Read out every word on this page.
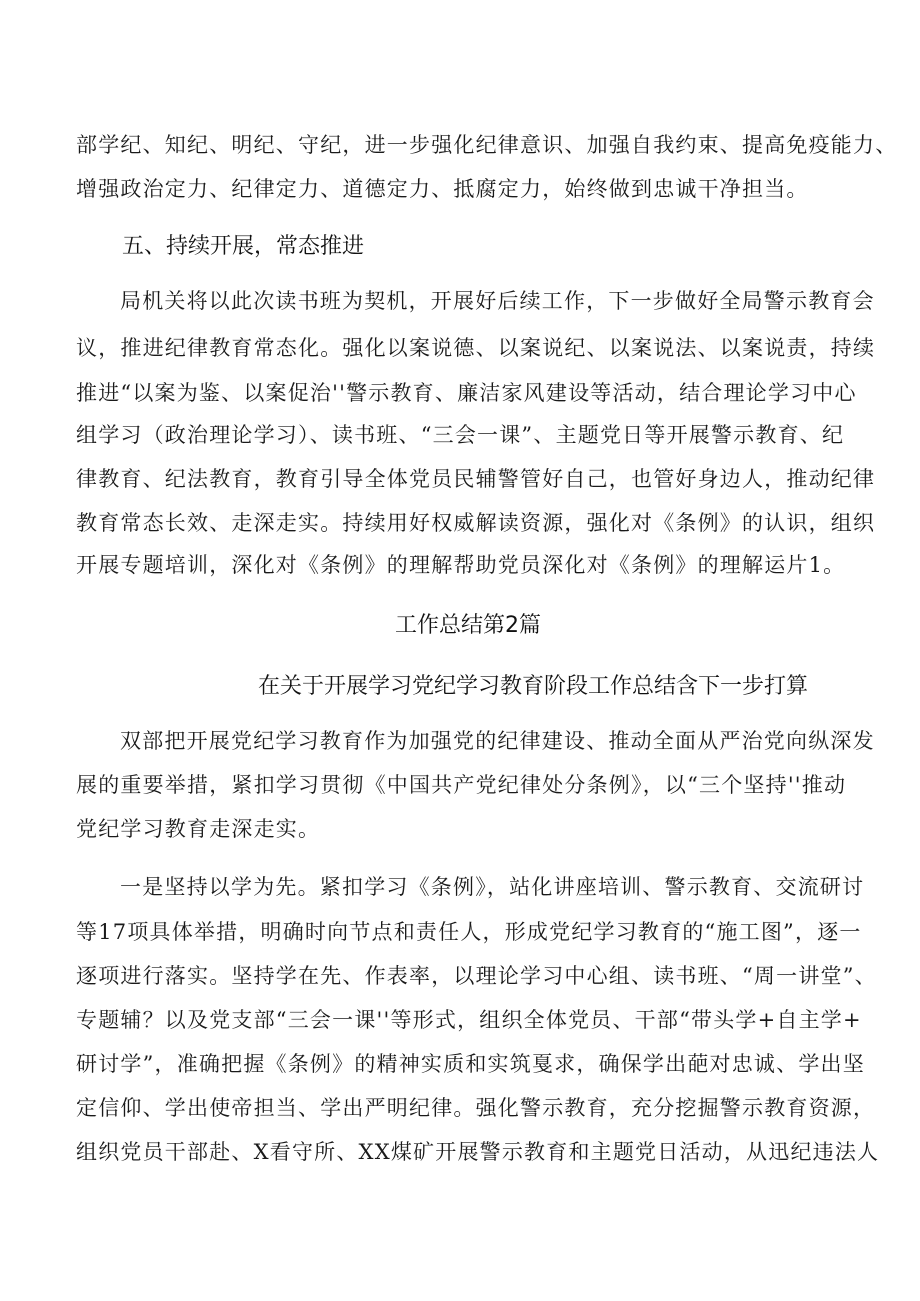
部学纪、知纪、明纪、守纪，进一步强化纪律意识、加强自我约束、提高免疫能力、
增强政治定力、纪律定力、道德定力、抵腐定力，始终做到忠诚干净担当。
五、持续开展，常态推进
局机关将以此次读书班为契机，开展好后续工作，下一步做好全局警示教育会
议，推进纪律教育常态化。强化以案说德、以案说纪、以案说法、以案说责，持续
推进“以案为鉴、以案促治''警示教育、廉洁家风建设等活动，结合理论学习中心
组学习（政治理论学习）、读书班、“三会一课”、主题党日等开展警示教育、纪
律教育、纪法教育，教育引导全体党员民辅警管好自己，也管好身边人，推动纪律
教育常态长效、走深走实。持续用好权威解读资源，强化对《条例》的认识，组织
开展专题培训，深化对《条例》的理解帮助党员深化对《条例》的理解运片1。
工作总结第2篇
在关于开展学习党纪学习教育阶段工作总结含下一步打算
双部把开展党纪学习教育作为加强党的纪律建设、推动全面从严治党向纵深发
展的重要举措，紧扣学习贯彻《中国共产党纪律处分条例》，以“三个坚持''推动
党纪学习教育走深走实。
一是坚持以学为先。紧扣学习《条例》，站化讲座培训、警示教育、交流研讨
等17项具体举措，明确时向节点和责任人，形成党纪学习教育的“施工图”，逐一
逐项进行落实。坚持学在先、作表率，以理论学习中心组、读书班、“周一讲堂”、
专题辅？以及党支部“三会一课''等形式，组织全体党员、干部“带头学+自主学+
研讨学”，准确把握《条例》的精神实质和实筑戛求，确保学出葩对忠诚、学出坚
定信仰、学出使帝担当、学出严明纪律。强化警示教育，充分挖掘警示教育资源，
组织党员干部赴、X看守所、XX煤矿开展警示教育和主题党日活动，从迅纪违法人
